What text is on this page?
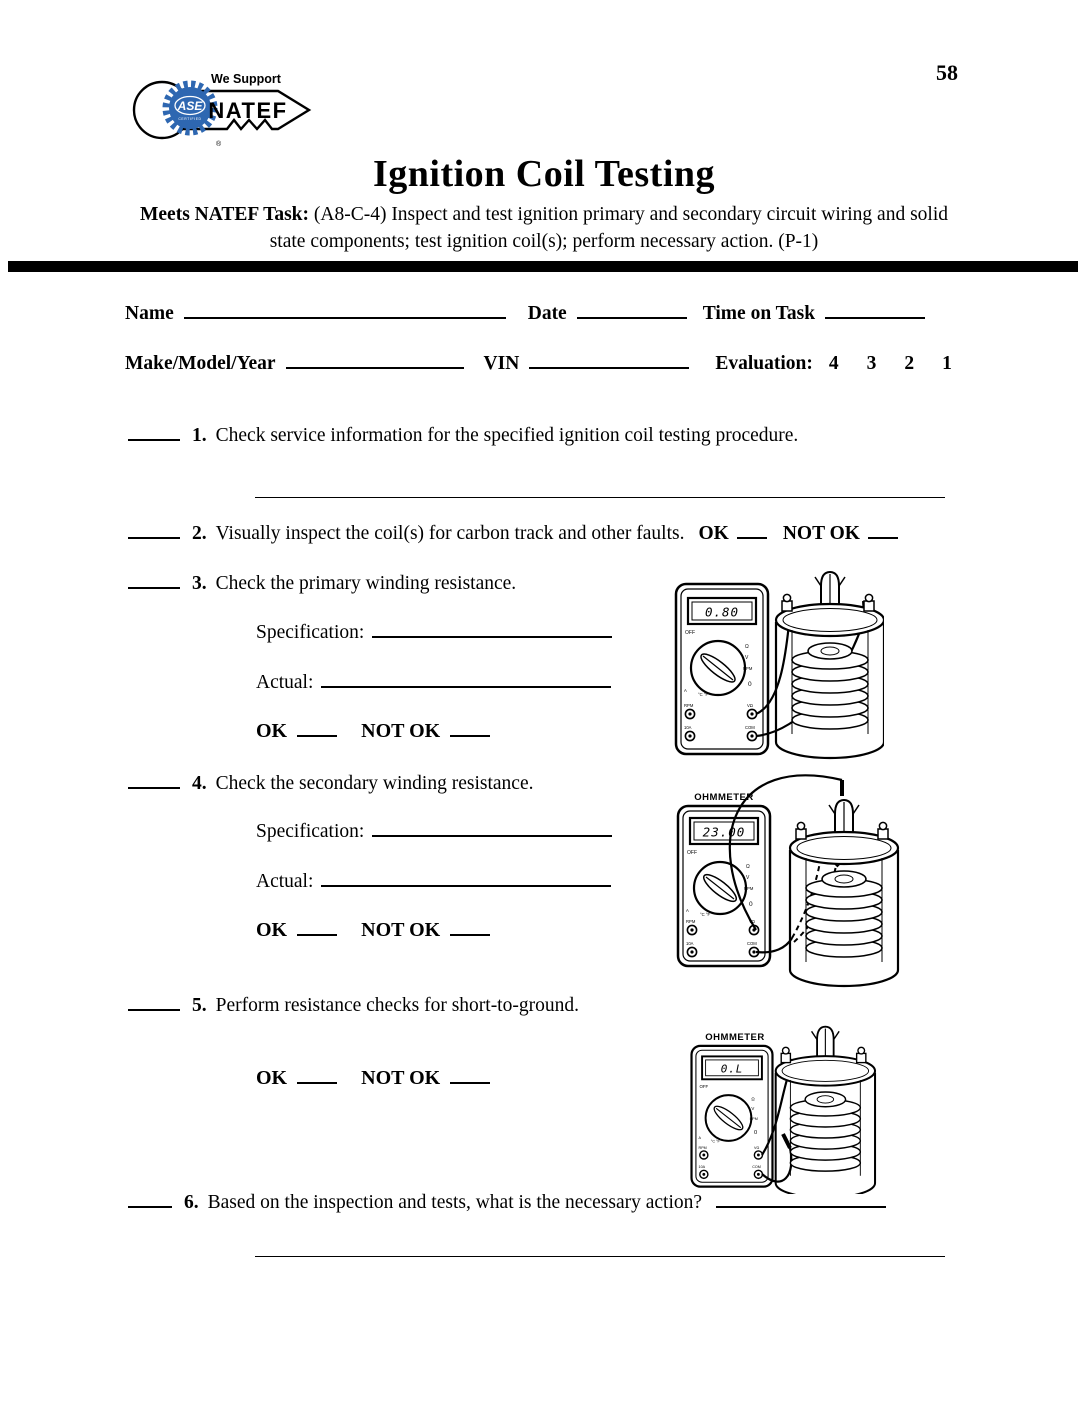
58
ASE
CERTIFIED
We Support
NATEF
®
Ignition Coil Testing
Meets NATEF Task: (A8-C-4) Inspect and test ignition primary and secondary circuit wiring and solid state components; test ignition coil(s); perform necessary action. (P-1)
Name	Date	Time on Task
Make/Model/Year	VIN	Evaluation: 4 3 2 1
1. Check service information for the specified ignition coil testing procedure.
2. Visually inspect the coil(s) for carbon track and other faults. OK	NOT OK
3. Check the primary winding resistance.
Specification:
Actual:
OK	NOT OK
0.80
OFF
Ω
V
RPM
0
A
°C °F
RPM
10A
VΩ
COM
4. Check the secondary winding resistance.
Specification:
Actual:
OK	NOT OK
OHMMETER
23.00
OFF
Ω
V
RPM
0
A
°C °F
RPM
10A
VΩ
COM
5. Perform resistance checks for short-to-ground.
OK	NOT OK
OHMMETER
0.L
OFF
Ω
V
RPM
0
A
°C °F
RPM
10A
VΩ
COM
6. Based on the inspection and tests, what is the necessary action?
